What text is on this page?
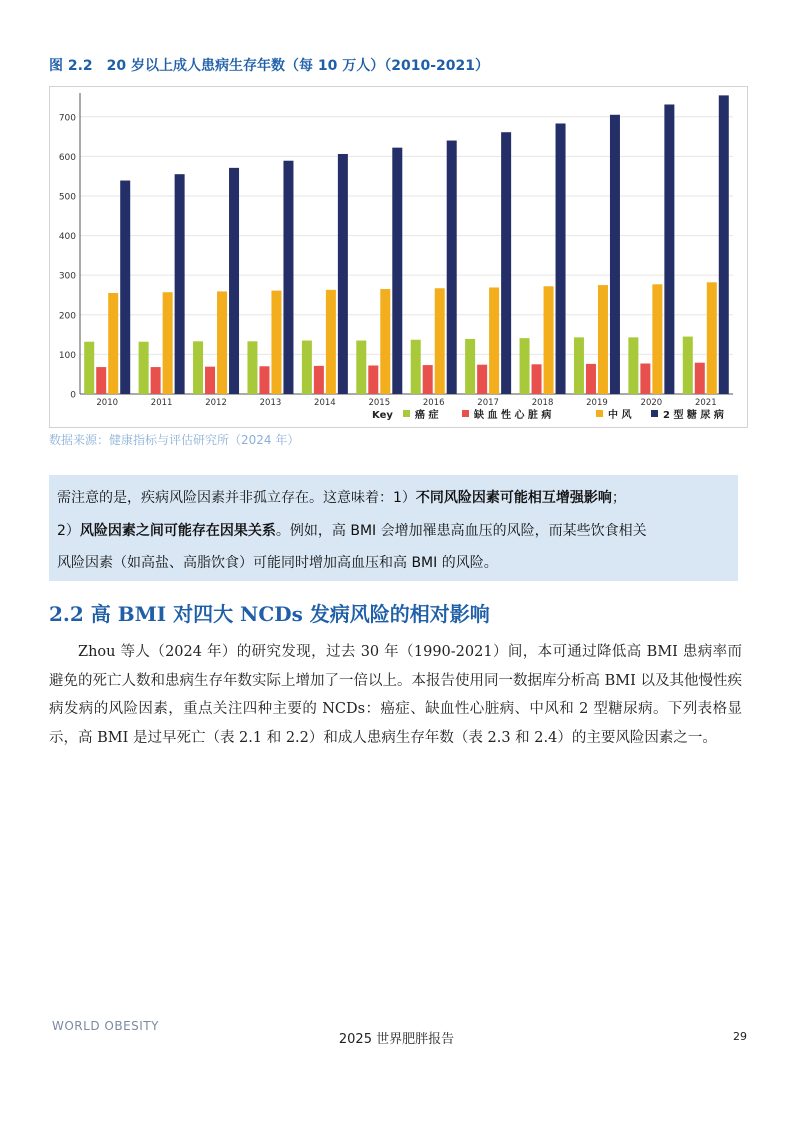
图 2.2　20 岁以上成人患病生存年数（每 10 万人）（2010-2021）
0
100
200
300
400
500
600
700
2010	2011	2012	2013	2014	2015	2016	2017	2018	2019	2020	2021
Key 癌 症	缺 血 性 心 脏 病	中 风	2 型 糖 尿 病
数据来源：健康指标与评估研究所（2024 年）

需注意的是，疾病风险因素并非孤立存在。这意味着：1）不同风险因素可能相互增强影响；

2）风险因素之间可能存在因果关系。例如，高 BMI 会增加罹患高血压的风险，而某些饮食相关

风险因素（如高盐、高脂饮食）可能同时增加高血压和高 BMI 的风险。

2.2 高 BMI 对四大 NCDs 发病风险的相对影响
Zhou 等人（2024 年）的研究发现，过去 30 年（1990-2021）间，本可通过降低高 BMI 患病率而避免的死亡人数和患病生存年数实际上增加了一倍以上。本报告使用同一数据库分析高 BMI 以及其他慢性疾病发病的风险因素，重点关注四种主要的 NCDs：癌症、缺血性心脏病、中风和 2 型糖尿病。下列表格显示，高 BMI 是过早死亡（表 2.1 和 2.2）和成人患病生存年数（表 2.3 和 2.4）的主要风险因素之一。
WORLD OBESITY
2025 世界肥胖报告	29
